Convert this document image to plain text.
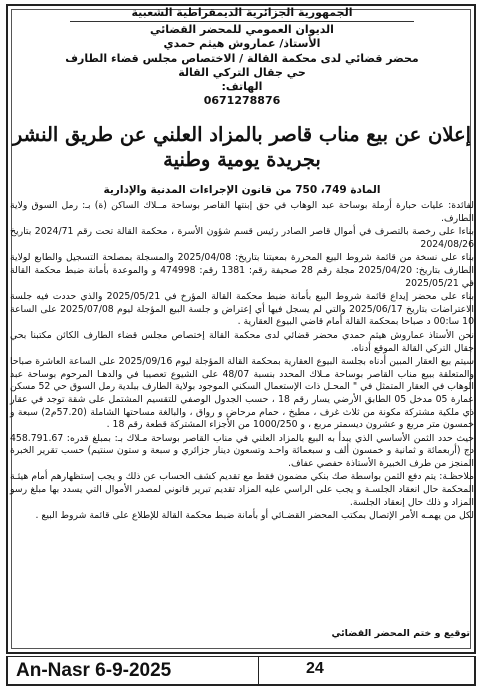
الجمهورية الجزائرية الديمقراطية الشعبية
الديوان العمومي للمحضر القضائي
الأستاذ/ عماروش هيثم حمدي
محضر قضائي لدى محكمة القالة / الاختصاص مجلس قضاء الطارف
حي جقال التركي القالة
الهاتف:
0671278876
إعلان عن بيع مناب قاصر بالمزاد العلني عن طريق النشر بجريدة يومية وطنية
المادة 749، 750 من قانون الإجراءات المدنية والإدارية

لفائدة: عليات حبارة أرملة بوساحة عبد الوهاب في حق إبنتها القاصر بوساحة مــلاك الساكن (ة) بـ: رمل السوق ولاية الطارف.

بناءا على رخصة بالتصرف في أموال قاصر الصادر رئيس قسم شؤون الأسرة ، محكمة القالة تحت رقم 2024/71 بتاريخ 2024/08/26

بناء على نسخة من قائمة شروط البيع المحررة بمعيتنا بتاريخ: 2025/04/08 والمسجلة بمصلحة التسجيل والطابع لولاية الطارف بتاريخ: 2025/04/20 مجلة رقم 28 صحيفة رقم: 1381 رقم: 474998 و والموعدة بأمانة ضبط محكمة القالة في 2025/05/21

بناء على محضر إيداع قائمة شروط البيع بأمانة ضبط محكمة القالة المؤرخ في 2025/05/21 والذي حددت فيه جلسة الاعتراضات بتاريخ 2025/06/17 والتي لم يسجل فيها أي إعتراض و جلسة البيع المؤجلة ليوم 2025/07/08 على الساعة 10 سا:00 د صباحا بمحكمة القالة أمام قاضي البيوع العقارية .

نحن الأستاذ عماروش هيثم حمدي محضر قضائي لدى محكمة القالة إختصاص مجلس قضاء الطارف الكائن مكتبنا بحي جقال التركي القالة الموقع أدناه.

سيتم بيع العقار المبين أدناه بجلسة البيوع العقارية بمحكمة القالة المؤجلة ليوم 2025/09/16 على الساعة العاشرة صباحا والمتعلقة ببيع مناب القاصر بوساحة مـلاك المحدد بنسبة 48/07 على الشيوع تعصيبا في والدهـا المرحوم بوساحة عبد الوهاب في العقار المتمثل في " المحـل ذات الإستعمال السكني الموجود بولاية الطارف ببلدية رمل السوق حي 52 مسكن عمارة 05 مدخل 05 الطابق الأرضي يسار رقم 18 ، حسب الجدول الوصفي للتقسيم المشتمل على شقة توجد في عقار ذي ملكية مشتركة مكونة من ثلاث غرف ، مطبخ ، حمام مرحاض و رواق ، والبالغة مساحتها الشاملة (57.20م2) سبعة و خمسون متر مربع و عشرون ديسمتر مربع ، و 1000/250 من الأجزاء المشتركة قطعة رقم 18 .

حيث حدد الثمن الأساسي الذي يبدأ به البيع بالمزاد العلني في مناب القاصر بوساحة مـلاك بـ: بمبلغ قدره: 458.791.67 دج (أربعمائة و ثمانية و خمسون ألف و سبعمائة واحـد وتسعون دينار جزائري و سبعة و ستون سنتيم) حسب تقرير الخبرة المنجز من طرف الخبيرة الأستاذة حفصي عفاف.

ملاحظـة: يتم دفع الثمن بواسطة صك بنكي مضمون فقط مع تقديم كشف الحساب عن ذلك و يجب إستظهارهم أمام هيئـة المحكمة حال انعقاد الجلسـة و يجب على الراسي عليه المزاد تقديم تبرير قانوني لمصدر الأموال التي يسدد بها مبلغ رسو المزاد و ذلك حال إنعقاد الجلسة.

لكل من يهمـه الأمر الإتصال بمكتب المحضر القضـائي أو بأمانة ضبط محكمة القالة للإطلاع على قائمة شروط البيع .

توقيع و ختم المحضر القضائي
An-Nasr 6-9-2025	24
